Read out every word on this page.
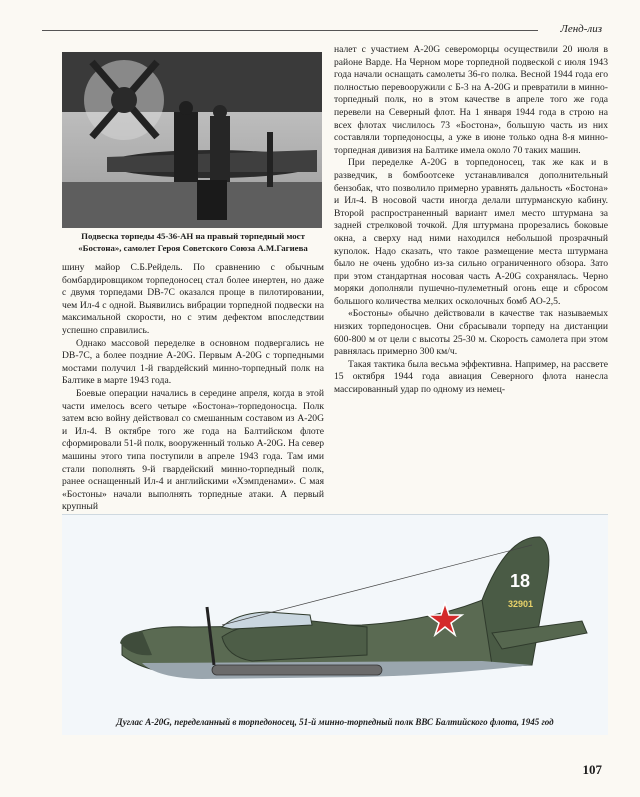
Ленд-лиз
Подвеска торпеды 45-36-АН на правый торпедный мост «Бостона», самолет Героя Советского Союза А.М.Гагиева

шину майор С.Б.Рейдель. По сравнению с обычным бомбардировщиком торпедоносец стал более инертен, но даже с двумя торпедами DB-7С оказался проще в пилотировании, чем Ил-4 с одной. Выявились вибрации торпедной подвески на максимальной скорости, но с этим дефектом впоследствии успешно справились.

Однако массовой переделке в основном подвергались не DB-7С, а более поздние А-20G. Первым А-20G с торпедными мостами получил 1-й гвардейский минно-торпедный полк на Балтике в марте 1943 года.

Боевые операции начались в середине апреля, когда в этой части имелось всего четыре «Бостона»-торпедоносца. Полк затем всю войну действовал со смешанным составом из А-20G и Ил-4. В октябре того же года на Балтийском флоте сформировали 51-й полк, вооруженный только А-20G. На север машины этого типа поступили в апреле 1943 года. Там ими стали пополнять 9-й гвардейский минно-торпедный полк, ранее оснащенный Ил-4 и английскими «Хэмпденами». С мая «Бостоны» начали выполнять торпедные атаки. А первый крупный

налет с участием А-20G североморцы осуществили 20 июля в районе Варде. На Черном море торпедной подвеской с июля 1943 года начали оснащать самолеты 36-го полка. Весной 1944 года его полностью перевооружили с Б-3 на А-20G и превратили в минно-торпедный полк, но в этом качестве в апреле того же года перевели на Северный флот. На 1 января 1944 года в строю на всех флотах числилось 73 «Бостона», большую часть из них составляли торпедоносцы, а уже в июне только одна 8-я минно-торпедная дивизия на Балтике имела около 70 таких машин.

При переделке А-20G в торпедоносец, так же как и в разведчик, в бомбоотсеке устанавливался дополнительный бензобак, что позволило примерно уравнять дальность «Бостона» и Ил-4. В носовой части иногда делали штурманскую кабину. Второй распространенный вариант имел место штурмана за задней стрелковой точкой. Для штурмана прорезались боковые окна, а сверху над ними находился небольшой прозрачный куполок. Надо сказать, что такое размещение места штурмана было не очень удобно из-за сильно ограниченного обзора. Зато при этом стандартная носовая часть А-20G сохранялась. Чернo моряки дополняли пушечно-пулеметный огонь еще и сбросом большого количества мелких осколочных бомб АО-2,5.

«Бостоны» обычно действовали в качестве так называемых низких торпедоносцев. Они сбрасывали торпеду на дистанции 600-800 м от цели с высоты 25-30 м. Скорость самолета при этом равнялась примерно 300 км/ч.

Такая тактика была весьма эффективна. Например, на рассвете 15 октября 1944 года авиация Северного флота нанесла массированный удар по одному из немец-

18
32901
Дуглас А-20G, переделанный в торпедоносец, 51-й минно-торпедный полк ВВС Балтийского флота, 1945 год
107
